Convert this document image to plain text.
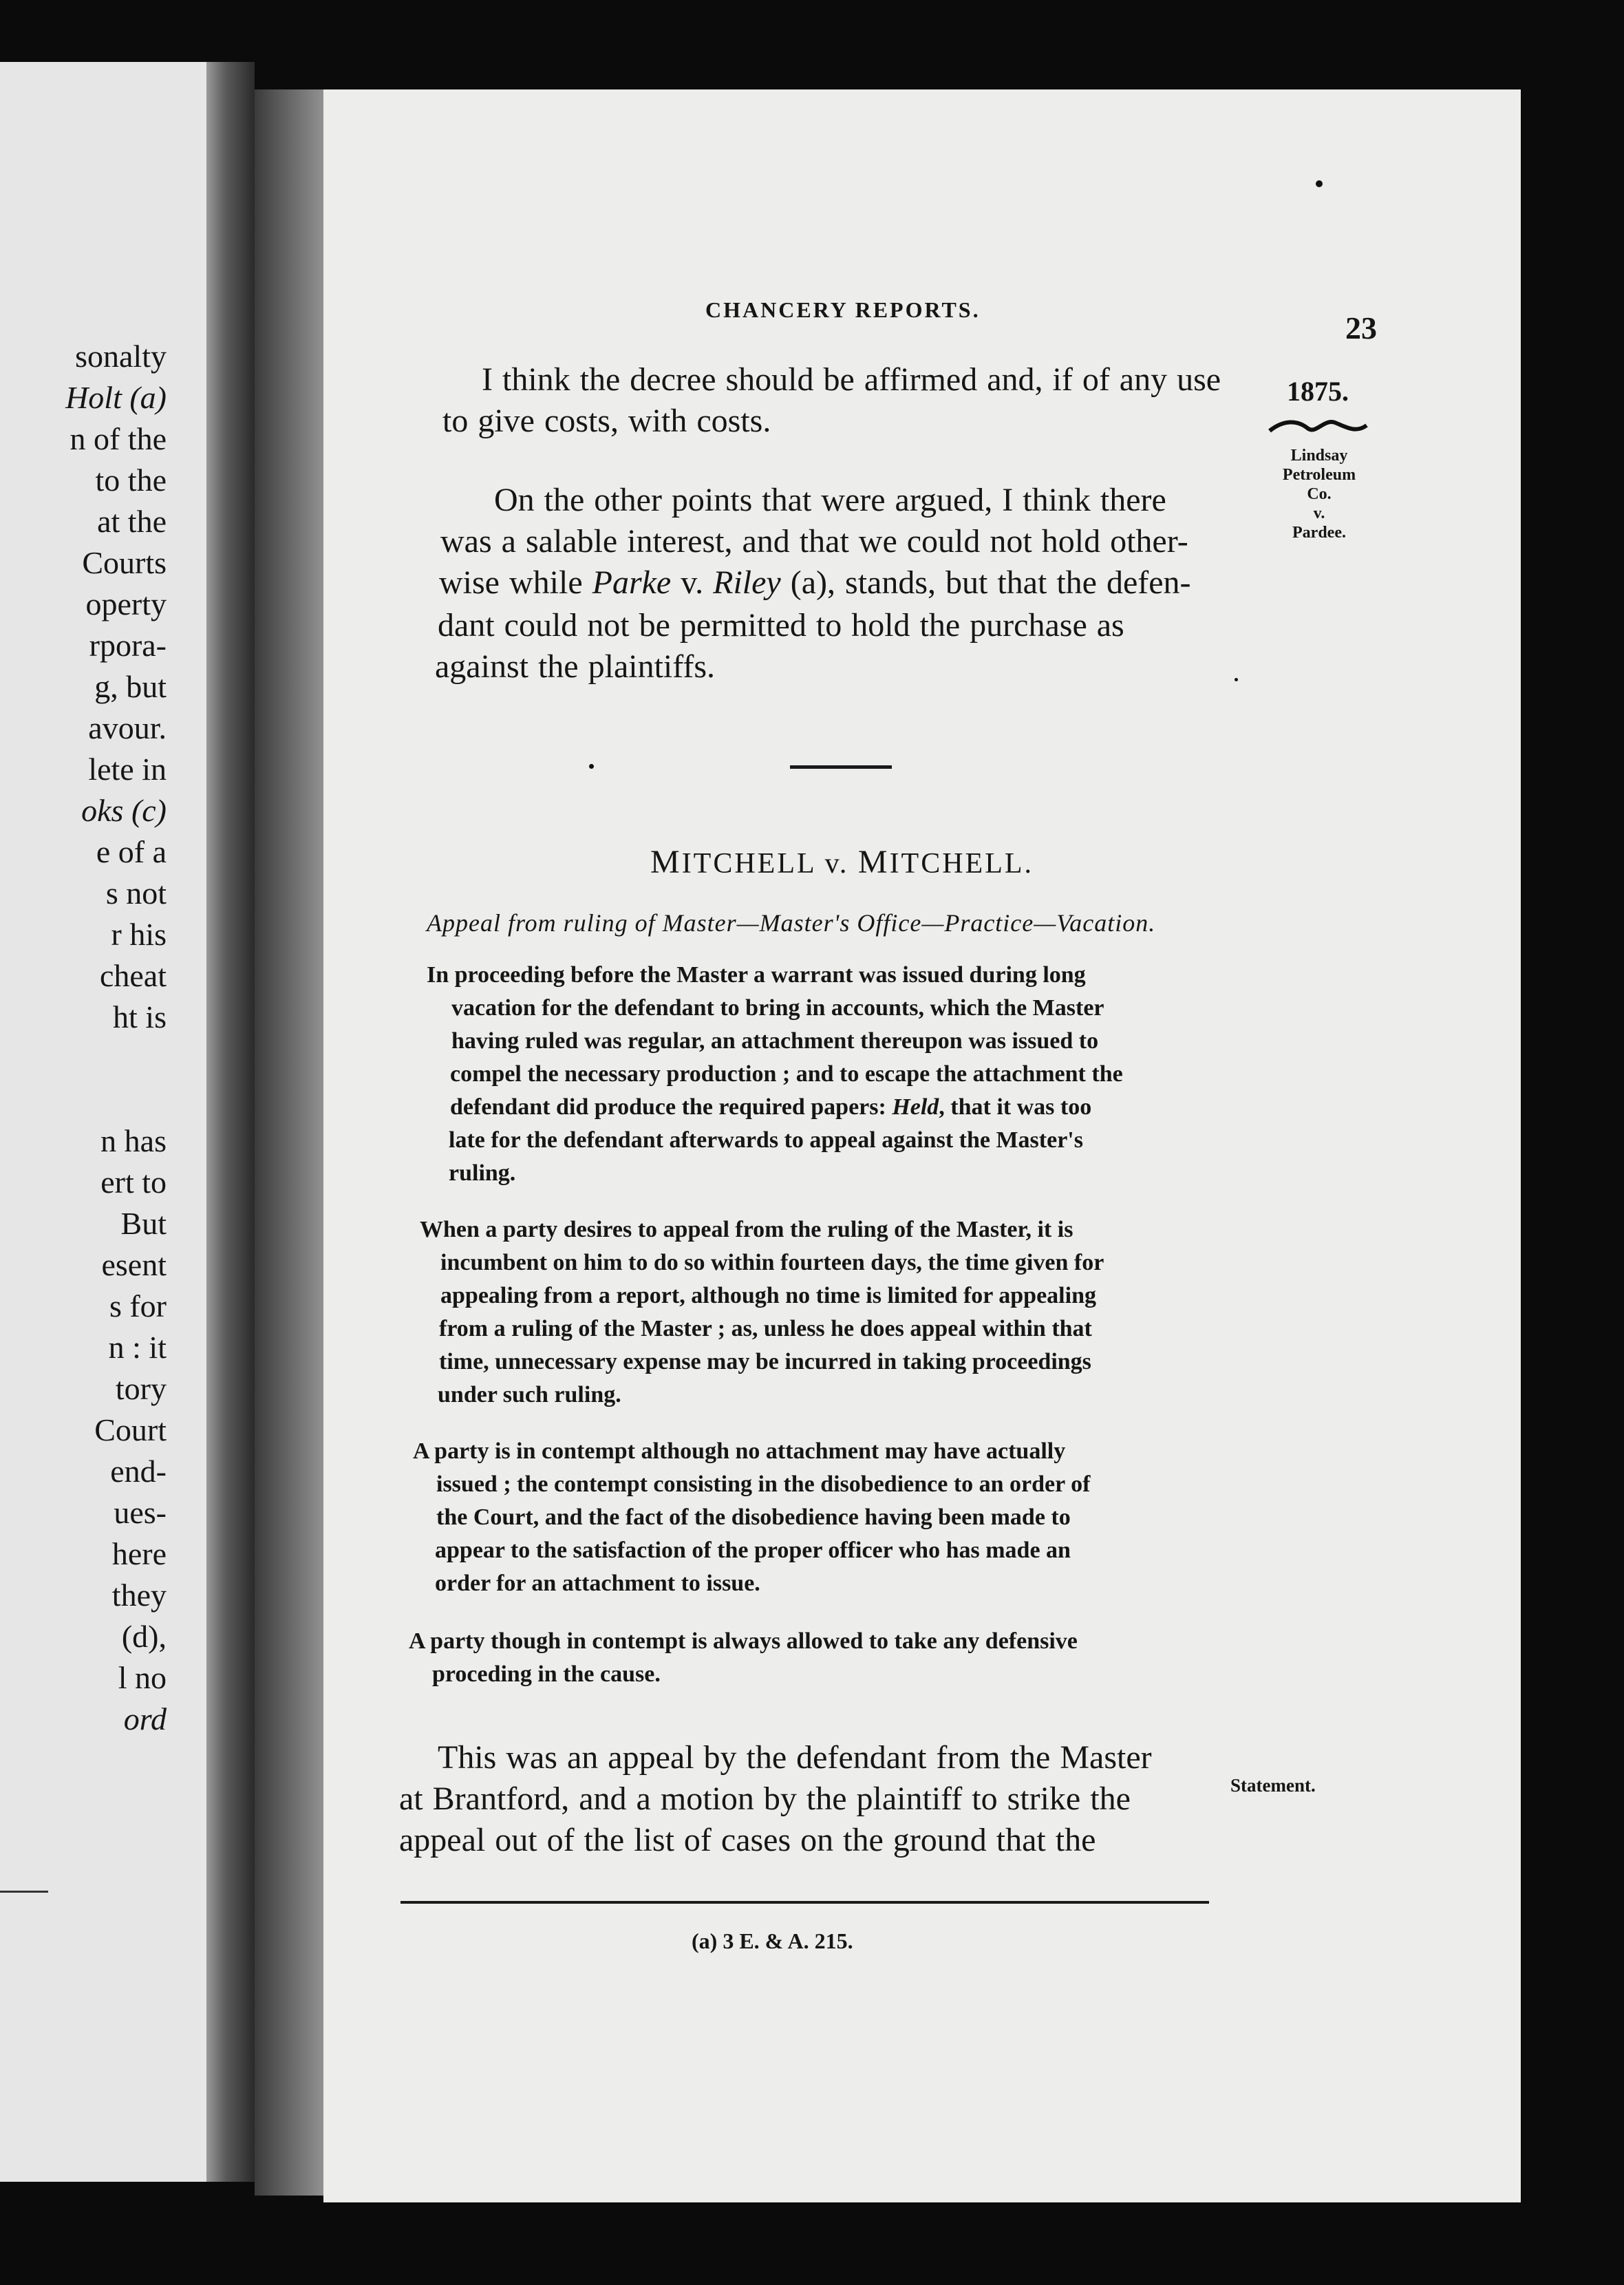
sonalty
Holt (a)
n of the
to the
at the
Courts
operty
rpora-
g, but
avour.
lete in
oks (c)
e of a
s not
r his
cheat
ht is
n has
ert to
But
esent
s for
n : it
tory
Court
end-
ues-
here
they
(d),
l no
ord
CHANCERY REPORTS.
23
1875.
Lindsay
Petroleum
Co.
v.
Pardee.
I think the decree should be affirmed and, if of any use
to give costs, with costs.
On the other points that were argued, I think there
was a salable interest, and that we could not hold other-
wise while Parke v. Riley (a), stands, but that the defen-
dant could not be permitted to hold the purchase as
against the plaintiffs.
MITCHELL v. MITCHELL.
Appeal from ruling of Master—Master's Office—Practice—Vacation.
In proceeding before the Master a warrant was issued during long
vacation for the defendant to bring in accounts, which the Master
having ruled was regular, an attachment thereupon was issued to
compel the necessary production ; and to escape the attachment the
defendant did produce the required papers: Held, that it was too
late for the defendant afterwards to appeal against the Master's
ruling.
When a party desires to appeal from the ruling of the Master, it is
incumbent on him to do so within fourteen days, the time given for
appealing from a report, although no time is limited for appealing
from a ruling of the Master ; as, unless he does appeal within that
time, unnecessary expense may be incurred in taking proceedings
under such ruling.
A party is in contempt although no attachment may have actually
issued ; the contempt consisting in the disobedience to an order of
the Court, and the fact of the disobedience having been made to
appear to the satisfaction of the proper officer who has made an
order for an attachment to issue.
A party though in contempt is always allowed to take any defensive
proceding in the cause.
Statement.
This was an appeal by the defendant from the Master
at Brantford, and a motion by the plaintiff to strike the
appeal out of the list of cases on the ground that the
(a) 3 E. & A. 215.
